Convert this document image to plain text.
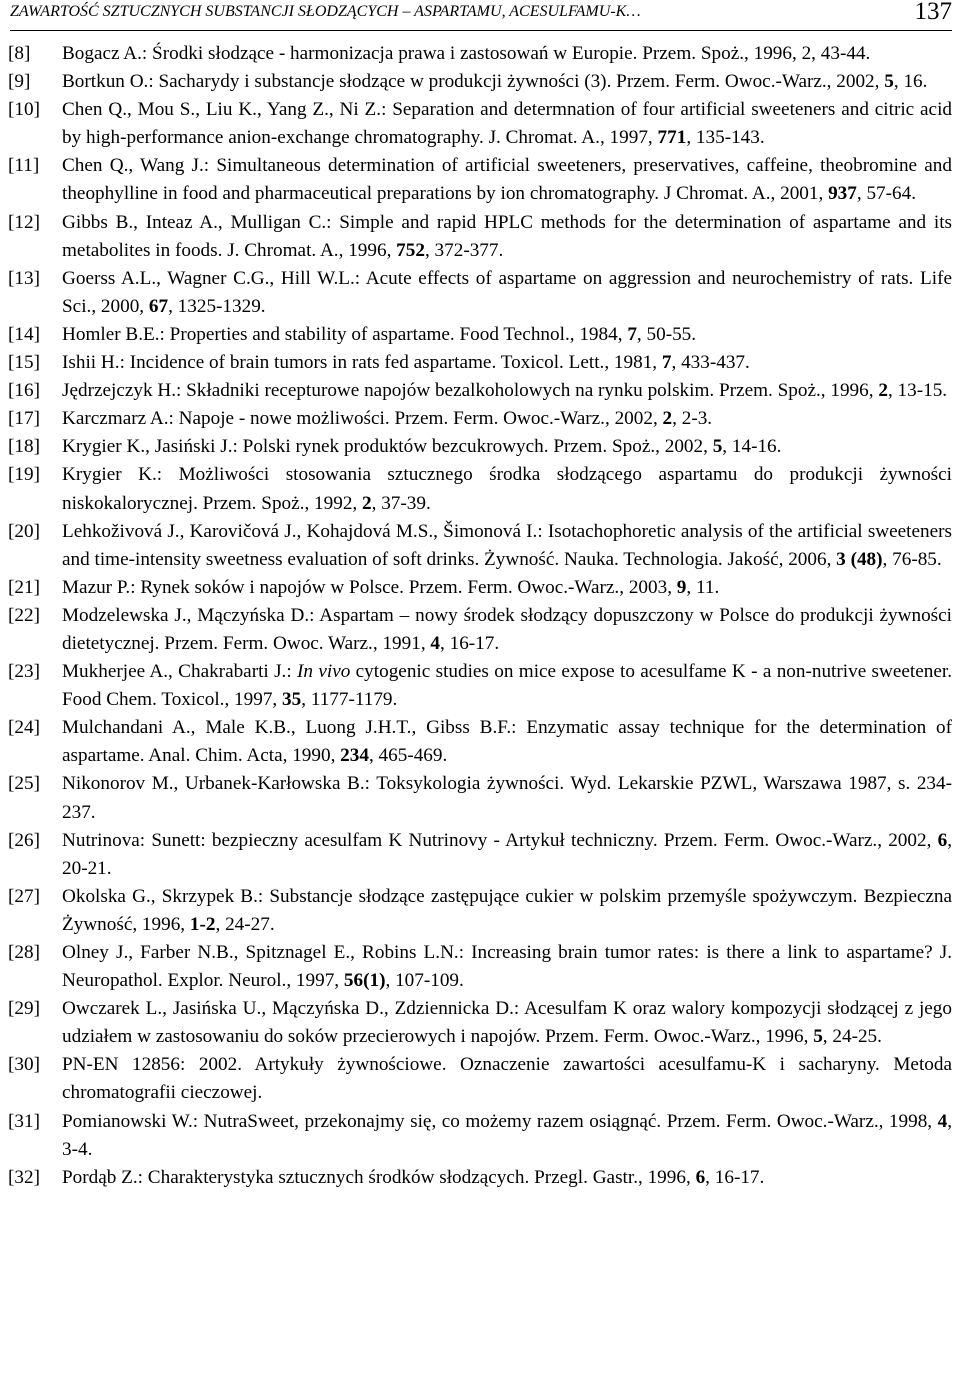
ZAWARTOŚĆ SZTUCZNYCH SUBSTANCJI SŁODZĄCYCH – ASPARTAMU, ACESULFAMU-K…	137
[8]	Bogacz A.: Środki słodzące - harmonizacja prawa i zastosowań w Europie. Przem. Spoż., 1996, 2, 43-44.
[9]	Bortkun O.: Sacharydy i substancje słodzące w produkcji żywności (3). Przem. Ferm. Owoc.-Warz., 2002, 5, 16.
[10]	Chen Q., Mou S., Liu K., Yang Z., Ni Z.: Separation and determnation of four artificial sweeteners and citric acid by high-performance anion-exchange chromatography. J. Chromat. A., 1997, 771, 135-143.
[11]	Chen Q., Wang J.: Simultaneous determination of artificial sweeteners, preservatives, caffeine, theobromine and theophylline in food and pharmaceutical preparations by ion chromatography. J Chromat. A., 2001, 937, 57-64.
[12]	Gibbs B., Inteaz A., Mulligan C.: Simple and rapid HPLC methods for the determination of aspartame and its metabolites in foods. J. Chromat. A., 1996, 752, 372-377.
[13]	Goerss A.L., Wagner C.G., Hill W.L.: Acute effects of aspartame on aggression and neurochemistry of rats. Life Sci., 2000, 67, 1325-1329.
[14]	Homler B.E.: Properties and stability of aspartame. Food Technol., 1984, 7, 50-55.
[15]	Ishii H.: Incidence of brain tumors in rats fed aspartame. Toxicol. Lett., 1981, 7, 433-437.
[16]	Jędrzejczyk H.: Składniki recepturowe napojów bezalkoholowych na rynku polskim. Przem. Spoż., 1996, 2, 13-15.
[17]	Karczmarz A.: Napoje - nowe możliwości. Przem. Ferm. Owoc.-Warz., 2002, 2, 2-3.
[18]	Krygier K., Jasiński J.: Polski rynek produktów bezcukrowych. Przem. Spoż., 2002, 5, 14-16.
[19]	Krygier K.: Możliwości stosowania sztucznego środka słodzącego aspartamu do produkcji żywności niskokalorycznej. Przem. Spoż., 1992, 2, 37-39.
[20]	Lehkoživová J., Karovičová J., Kohajdová M.S., Šimonová I.: Isotachophoretic analysis of the artificial sweeteners and time-intensity sweetness evaluation of soft drinks. Żywność. Nauka. Technologia. Jakość, 2006, 3 (48), 76-85.
[21]	Mazur P.: Rynek soków i napojów w Polsce. Przem. Ferm. Owoc.-Warz., 2003, 9, 11.
[22]	Modzelewska J., Mączyńska D.: Aspartam – nowy środek słodzący dopuszczony w Polsce do produkcji żywności dietetycznej. Przem. Ferm. Owoc. Warz., 1991, 4, 16-17.
[23]	Mukherjee A., Chakrabarti J.: In vivo cytogenic studies on mice expose to acesulfame K - a non-nutrive sweetener. Food Chem. Toxicol., 1997, 35, 1177-1179.
[24]	Mulchandani A., Male K.B., Luong J.H.T., Gibss B.F.: Enzymatic assay technique for the determination of aspartame. Anal. Chim. Acta, 1990, 234, 465-469.
[25]	Nikonorov M., Urbanek-Karłowska B.: Toksykologia żywności. Wyd. Lekarskie PZWL, Warszawa 1987, s. 234-237.
[26]	Nutrinova: Sunett: bezpieczny acesulfam K Nutrinovy - Artykuł techniczny. Przem. Ferm. Owoc.-Warz., 2002, 6, 20-21.
[27]	Okolska G., Skrzypek B.: Substancje słodzące zastępujące cukier w polskim przemyśle spożywczym. Bezpieczna Żywność, 1996, 1-2, 24-27.
[28]	Olney J., Farber N.B., Spitznagel E., Robins L.N.: Increasing brain tumor rates: is there a link to aspartame? J. Neuropathol. Explor. Neurol., 1997, 56(1), 107-109.
[29]	Owczarek L., Jasińska U., Mączyńska D., Zdziennicka D.: Acesulfam K oraz walory kompozycji słodzącej z jego udziałem w zastosowaniu do soków przecierowych i napojów. Przem. Ferm. Owoc.-Warz., 1996, 5, 24-25.
[30]	PN-EN 12856: 2002. Artykuły żywnościowe. Oznaczenie zawartości acesulfamu-K i sacharyny. Metoda chromatografii cieczowej.
[31]	Pomianowski W.: NutraSweet, przekonajmy się, co możemy razem osiągnąć. Przem. Ferm. Owoc.-Warz., 1998, 4, 3-4.
[32]	Pordąb Z.: Charakterystyka sztucznych środków słodzących. Przegl. Gastr., 1996, 6, 16-17.
